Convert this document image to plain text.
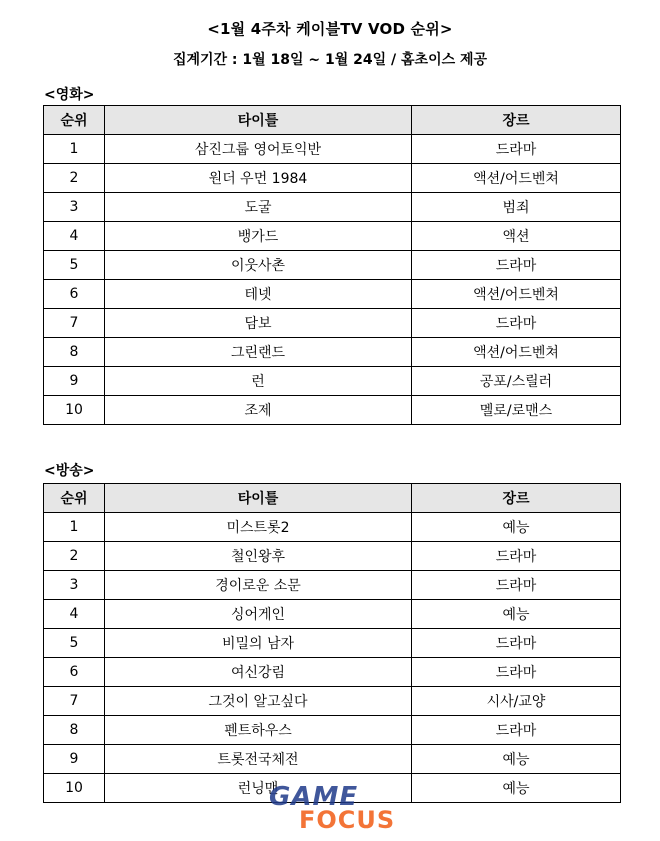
<1월 4주차 케이블TV VOD 순위>
집계기간 : 1월 18일 ~ 1월 24일 / 홈초이스 제공
<영화>
순위	타이틀	장르
1	삼진그룹 영어토익반	드라마
2	원더 우먼 1984	액션/어드벤쳐
3	도굴	범죄
4	뱅가드	액션
5	이웃사촌	드라마
6	테넷	액션/어드벤쳐
7	담보	드라마
8	그린랜드	액션/어드벤쳐
9	런	공포/스릴러
10	조제	멜로/로맨스
<방송>
순위	타이틀	장르
1	미스트롯2	예능
2	철인왕후	드라마
3	경이로운 소문	드라마
4	싱어게인	예능
5	비밀의 남자	드라마
6	여신강림	드라마
7	그것이 알고싶다	시사/교양
8	펜트하우스	드라마
9	트롯전국체전	예능
10	런닝맨	예능
GAME
FOCUS
